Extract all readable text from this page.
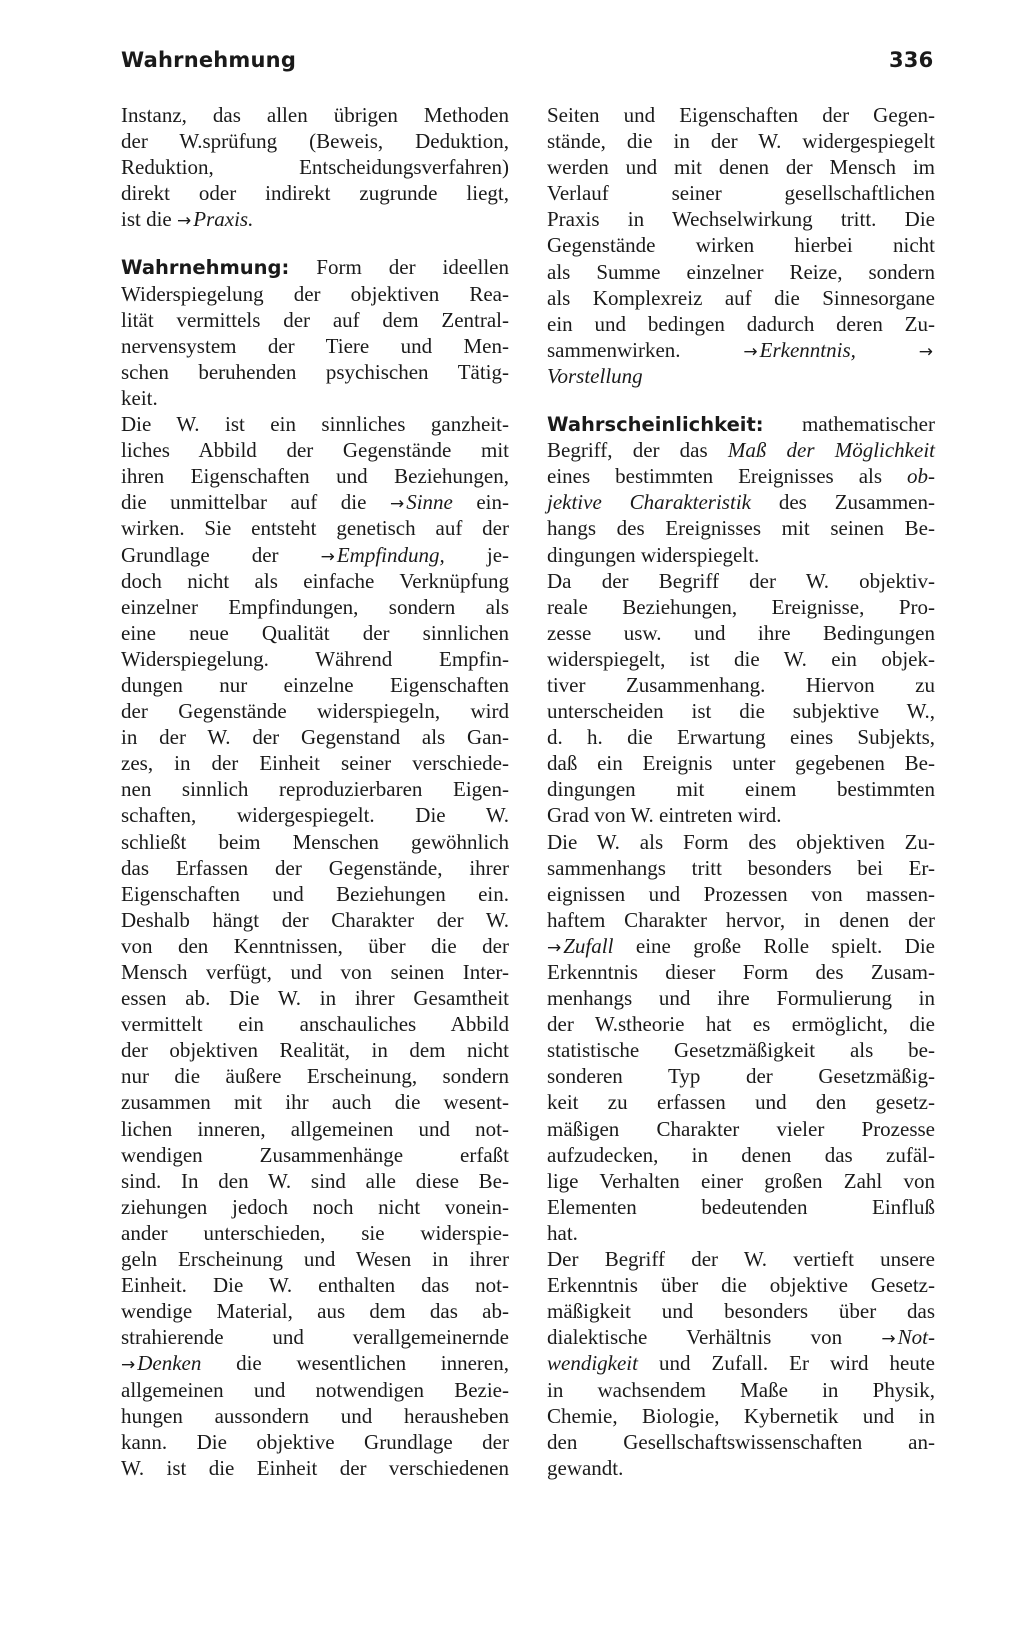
Wahrnehmung	336
Instanz, das allen übrigen Methoden
der W.sprüfung (Beweis, Deduktion,
Reduktion, Entscheidungsverfahren)
direkt oder indirekt zugrunde liegt,
ist die →Praxis.
Wahrnehmung: Form der ideellen
Widerspiegelung der objektiven Rea-
lität vermittels der auf dem Zentral-
nervensystem der Tiere und Men-
schen beruhenden psychischen Tätig-
keit.
Die W. ist ein sinnliches ganzheit-
liches Abbild der Gegenstände mit
ihren Eigenschaften und Beziehungen,
die unmittelbar auf die →Sinne ein-
wirken. Sie entsteht genetisch auf der
Grundlage der →Empfindung, je-
doch nicht als einfache Verknüpfung
einzelner Empfindungen, sondern als
eine neue Qualität der sinnlichen
Widerspiegelung. Während Empfin-
dungen nur einzelne Eigenschaften
der Gegenstände widerspiegeln, wird
in der W. der Gegenstand als Gan-
zes, in der Einheit seiner verschiede-
nen sinnlich reproduzierbaren Eigen-
schaften, widergespiegelt. Die W.
schließt beim Menschen gewöhnlich
das Erfassen der Gegenstände, ihrer
Eigenschaften und Beziehungen ein.
Deshalb hängt der Charakter der W.
von den Kenntnissen, über die der
Mensch verfügt, und von seinen Inter-
essen ab. Die W. in ihrer Gesamtheit
vermittelt ein anschauliches Abbild
der objektiven Realität, in dem nicht
nur die äußere Erscheinung, sondern
zusammen mit ihr auch die wesent-
lichen inneren, allgemeinen und not-
wendigen Zusammenhänge erfaßt
sind. In den W. sind alle diese Be-
ziehungen jedoch noch nicht vonein-
ander unterschieden, sie widerspie-
geln Erscheinung und Wesen in ihrer
Einheit. Die W. enthalten das not-
wendige Material, aus dem das ab-
strahierende und verallgemeinernde
→Denken die wesentlichen inneren,
allgemeinen und notwendigen Bezie-
hungen aussondern und herausheben
kann. Die objektive Grundlage der
W. ist die Einheit der verschiedenen
Seiten und Eigenschaften der Gegen-
stände, die in der W. widergespiegelt
werden und mit denen der Mensch im
Verlauf seiner gesellschaftlichen
Praxis in Wechselwirkung tritt. Die
Gegenstände wirken hierbei nicht
als Summe einzelner Reize, sondern
als Komplexreiz auf die Sinnesorgane
ein und bedingen dadurch deren Zu-
sammenwirken. →Erkenntnis,	→
Vorstellung
Wahrscheinlichkeit: mathematischer
Begriff, der das Maß der Möglichkeit
eines bestimmten Ereignisses als ob-
jektive Charakteristik des Zusammen-
hangs des Ereignisses mit seinen Be-
dingungen widerspiegelt.
Da der Begriff der W. objektiv-
reale Beziehungen, Ereignisse, Pro-
zesse usw. und ihre Bedingungen
widerspiegelt, ist die W. ein objek-
tiver Zusammenhang. Hiervon zu
unterscheiden ist die subjektive W.,
d. h. die Erwartung eines Subjekts,
daß ein Ereignis unter gegebenen Be-
dingungen mit einem bestimmten
Grad von W. eintreten wird.
Die W. als Form des objektiven Zu-
sammenhangs tritt besonders bei Er-
eignissen und Prozessen von massen-
haftem Charakter hervor, in denen der
→Zufall eine große Rolle spielt. Die
Erkenntnis dieser Form des Zusam-
menhangs und ihre Formulierung in
der W.stheorie hat es ermöglicht, die
statistische Gesetzmäßigkeit als be-
sonderen Typ der Gesetzmäßig-
keit zu erfassen und den gesetz-
mäßigen Charakter vieler Prozesse
aufzudecken, in denen das zufäl-
lige Verhalten einer großen Zahl von
Elementen bedeutenden Einfluß
hat.
Der Begriff der W. vertieft unsere
Erkenntnis über die objektive Gesetz-
mäßigkeit und besonders über das
dialektische Verhältnis von →Not-
wendigkeit und Zufall. Er wird heute
in wachsendem Maße in Physik,
Chemie, Biologie, Kybernetik und in
den Gesellschaftswissenschaften an-
gewandt.
